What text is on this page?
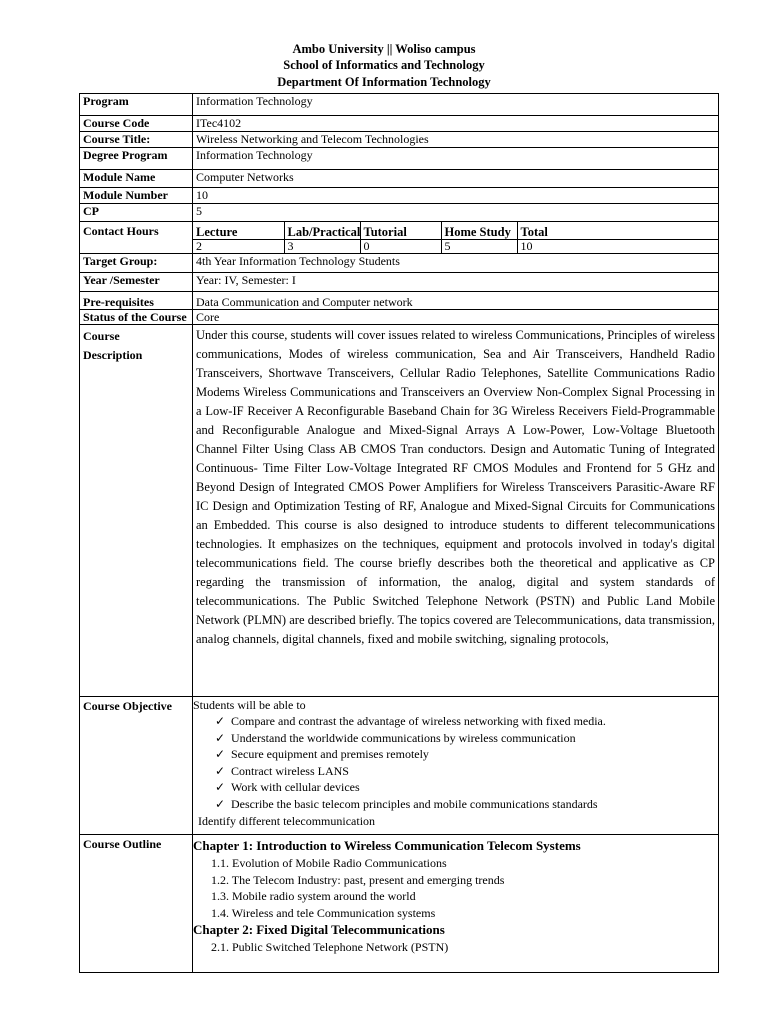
Ambo University || Woliso campus
School of Informatics and Technology
Department Of Information Technology
Program	Information Technology
Course Code	ITec4102
Course Title:	Wireless Networking and Telecom Technologies
Degree Program	Information Technology
Module Name	Computer Networks
Module Number	10
CP	5
Contact Hours		Lecture	Lab/Practical	Tutorial	Home Study	Total
2	3	0	5	10

Target Group:	4th Year Information Technology Students
Year /Semester	Year: IV, Semester: I
Pre-requisites	Data Communication and Computer network
Status of the Course	Core

Course
Description

Under this course, students will cover issues related to wireless Communications, Principles of wireless communications, Modes of wireless communication, Sea and Air Transceivers, Handheld Radio Transceivers, Shortwave Transceivers, Cellular Radio Telephones, Satellite Communications Radio Modems Wireless Communications and Transceivers an Overview Non-Complex Signal Processing in a Low-IF Receiver A Reconfigurable Baseband Chain for 3G Wireless Receivers Field-Programmable and Reconfigurable Analogue and Mixed-Signal Arrays A Low-Power, Low-Voltage Bluetooth Channel Filter Using Class AB CMOS Tran conductors. Design and Automatic Tuning of Integrated Continuous- Time Filter Low-Voltage Integrated RF CMOS Modules and Frontend for 5 GHz and Beyond Design of Integrated CMOS Power Amplifiers for Wireless Transceivers Parasitic-Aware RF IC Design and Optimization Testing of RF, Analogue and Mixed-Signal Circuits for Communications an Embedded. This course is also designed to introduce students to different telecommunications technologies. It emphasizes on the techniques, equipment and protocols involved in today's digital telecommunications field. The course briefly describes both the theoretical and applicative as CP regarding the transmission of information, the analog, digital and system standards of telecommunications. The Public Switched Telephone Network (PSTN) and Public Land Mobile Network (PLMN) are described briefly. The topics covered are Telecommunications, data transmission, analog channels, digital channels, fixed and mobile switching, signaling protocols,

Course Objective	Students will be able to
✓ Compare and contrast the advantage of wireless networking with fixed media.
✓ Understand the worldwide communications by wireless communication
✓ Secure equipment and premises remotely
✓ Contract wireless LANS
✓ Work with cellular devices
✓ Describe the basic telecom principles and mobile communications standards
Identify different telecommunication

Course Outline	Chapter 1: Introduction to Wireless Communication Telecom Systems
1.1. Evolution of Mobile Radio Communications
1.2. The Telecom Industry: past, present and emerging trends
1.3. Mobile radio system around the world
1.4. Wireless and tele Communication systems
Chapter 2: Fixed Digital Telecommunications
2.1. Public Switched Telephone Network (PSTN)
